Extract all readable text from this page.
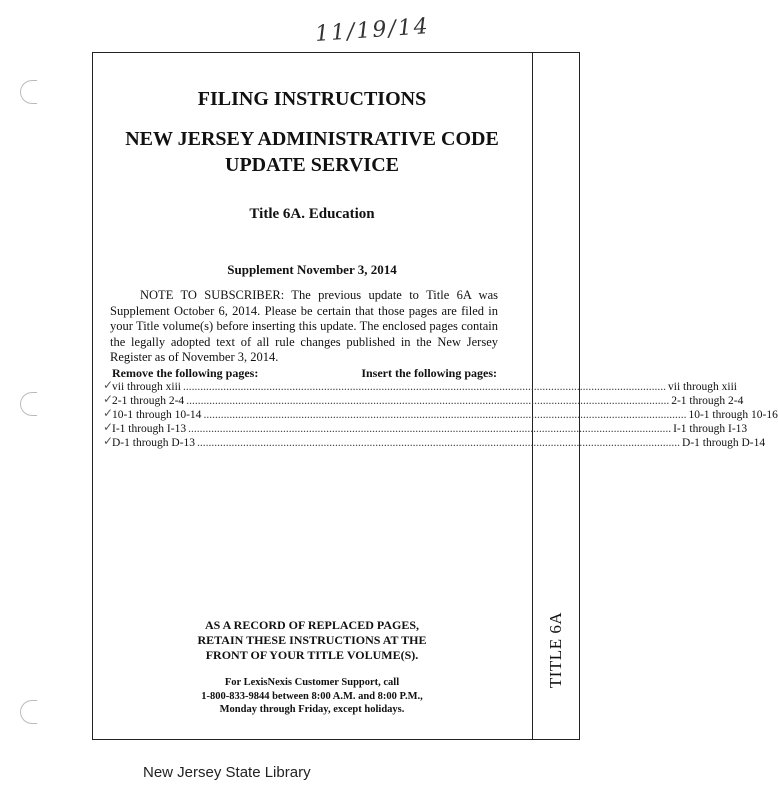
11/19/14
TITLE 6A
FILING INSTRUCTIONS
NEW JERSEY ADMINISTRATIVE CODE
UPDATE SERVICE
Title 6A. Education
Supplement November 3, 2014
NOTE TO SUBSCRIBER: The previous update to Title 6A was Supplement October 6, 2014. Please be certain that those pages are filed in your Title volume(s) before inserting this update. The enclosed pages contain the legally adopted text of all rule changes published in the New Jersey Register as of November 3, 2014.
Remove the following pages:	Insert the following pages:
✓
vii through xiii ........................................................................................................................................................................ vii through xiii
✓
2-1 through 2-4 ........................................................................................................................................................................ 2-1 through 2-4
✓
10-1 through 10-14 ........................................................................................................................................................................ 10-1 through 10-16
✓
I-1 through I-13 ........................................................................................................................................................................ I-1 through I-13
✓
D-1 through D-13 ........................................................................................................................................................................ D-1 through D-14
AS A RECORD OF REPLACED PAGES,
RETAIN THESE INSTRUCTIONS AT THE
FRONT OF YOUR TITLE VOLUME(S).
For LexisNexis Customer Support, call
1-800-833-9844 between 8:00 A.M. and 8:00 P.M.,
Monday through Friday, except holidays.
New Jersey State Library
